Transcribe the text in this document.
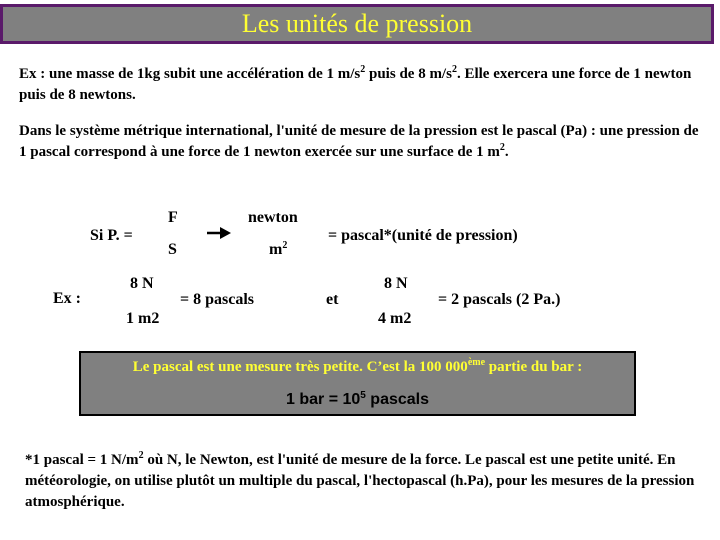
Les unités de pression
Ex : une masse de 1kg subit une accélération de 1 $m/s^2$ puis de 8 $m/s^2$. Elle exercera une force de 1 newton puis de 8 newtons.
Dans le système métrique international, l'unité de mesure de la pression est le pascal (Pa) : une pression de 1 pascal correspond à une force de 1 newton exercée sur une surface de 1 $m^2$.
Si P. =
F
S
newton
$m^2$
= pascal*(unité de pression)
Ex :
8 N
1 m2
= 8 pascals	et
8 N
4 m2
= 2 pascals (2 Pa.)
Le pascal est une mesure très petite. C’est la 100 000ème partie du bar :
1 bar = $10^5$ pascals
*1 pascal = 1 $N/m^2$ où N, le Newton, est l'unité de mesure de la force. Le pascal est une petite unité. En météorologie, on utilise plutôt un multiple du pascal, l'hectopascal (h.Pa), pour les mesures de la pression atmosphérique.
